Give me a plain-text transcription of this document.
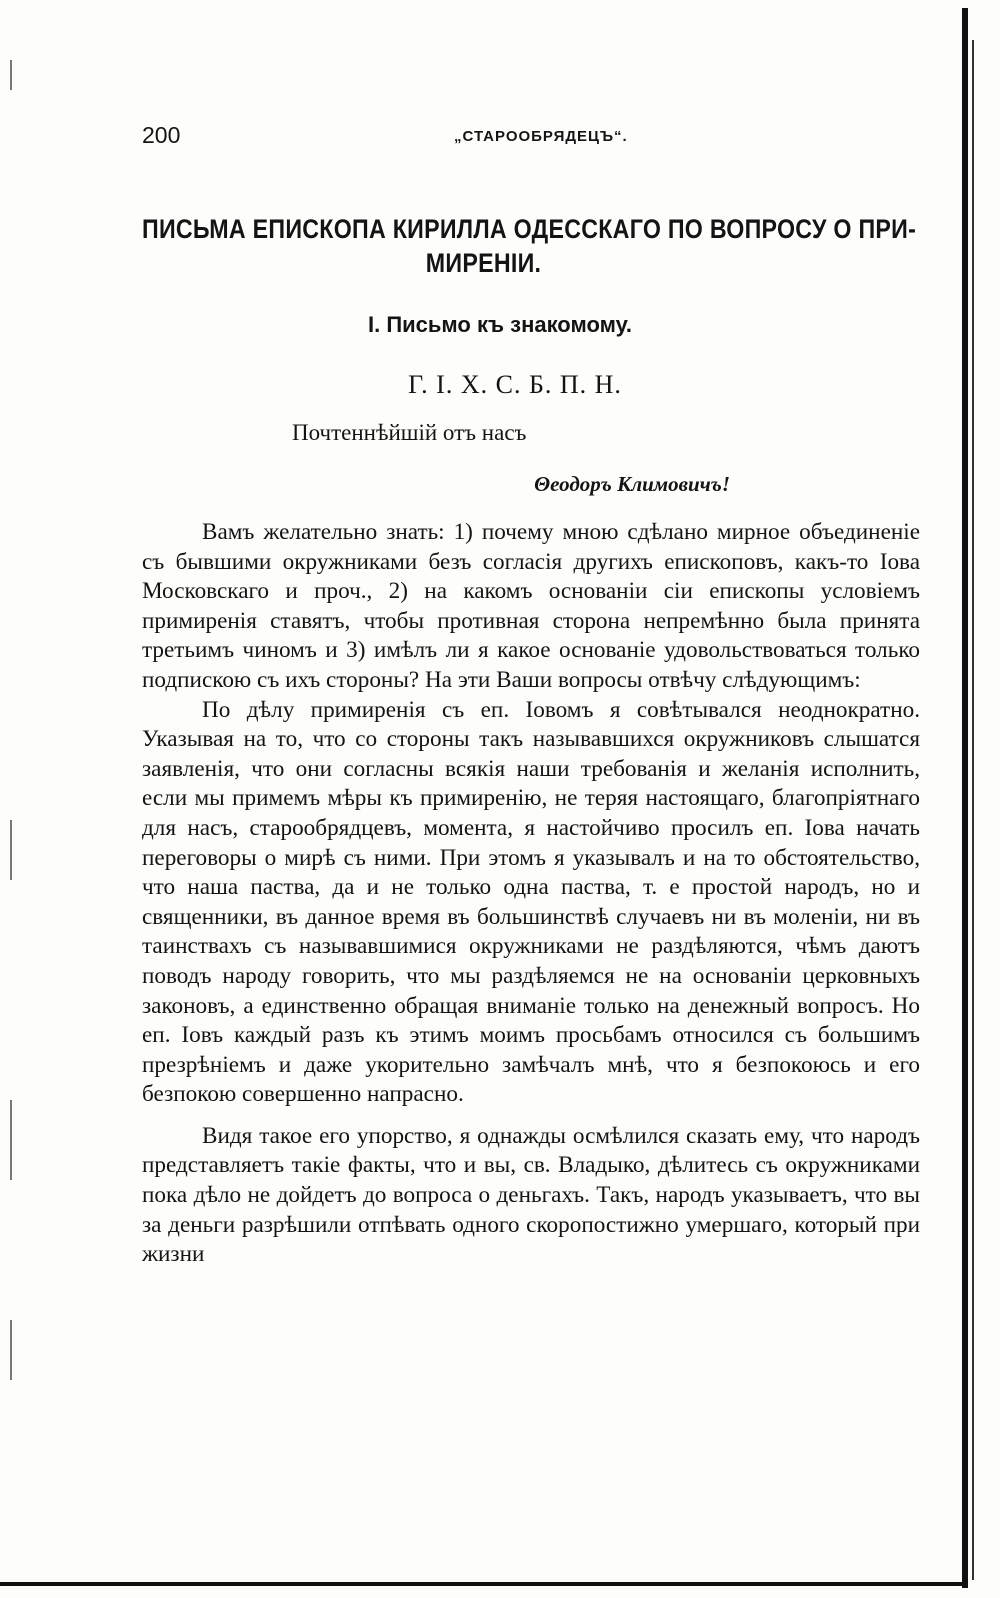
200	„СТАРООБРЯДЕЦЪ“.
ПИСЬМА ЕПИСКОПА КИРИЛЛА ОДЕССКАГО ПО ВОПРОСУ О ПРИ-
МИРЕНІИ.
I. Письмо къ знакомому.
Г. I. Х. С. Б. П. Н.
Почтеннѣйшій отъ насъ
Θеодоръ Климовичъ!

Вамъ желательно знать: 1) почему мною сдѣлано мирное объединеніе съ бывшими окружниками безъ согласія другихъ епископовъ, какъ-то Iова Московскаго и проч., 2) на какомъ основаніи сіи епископы условіемъ примиренія ставятъ, чтобы противная сторона непремѣнно была принята третьимъ чиномъ и 3) имѣлъ ли я какое основаніе удовольствоваться только подпискою съ ихъ стороны? На эти Ваши вопросы отвѣчу слѣдующимъ:

По дѣлу примиренія съ еп. Iовомъ я совѣтывался неоднократно. Указывая на то, что со стороны такъ называвшихся окружниковъ слышатся заявленія, что они согласны всякія наши требованія и желанія исполнить, если мы примемъ мѣры къ примиренію, не теряя настоящаго, благопріятнаго для насъ, старообрядцевъ, момента, я настойчиво просилъ еп. Iова начать переговоры о мирѣ съ ними. При этомъ я указывалъ и на то обстоятельство, что наша паства, да и не только одна паства, т. е простой народъ, но и священники, въ данное время въ большинствѣ случаевъ ни въ моленіи, ни въ таинствахъ съ называвшимися окружниками не раздѣляются, чѣмъ даютъ поводъ народу говорить, что мы раздѣляемся не на основаніи церковныхъ законовъ, а единственно обращая вниманіе только на денежный вопросъ. Но еп. Iовъ каждый разъ къ этимъ моимъ просьбамъ относился съ большимъ презрѣніемъ и даже укорительно замѣчалъ мнѣ, что я безпокоюсь и его безпокою совершенно напрасно.

Видя такое его упорство, я однажды осмѣлился сказать ему, что народъ представляетъ такіе факты, что и вы, св. Владыко, дѣлитесь съ окружниками пока дѣло не дойдетъ до вопроса о деньгахъ. Такъ, народъ указываетъ, что вы за деньги разрѣшили отпѣвать одного скоропостижно умершаго, который при жизни
